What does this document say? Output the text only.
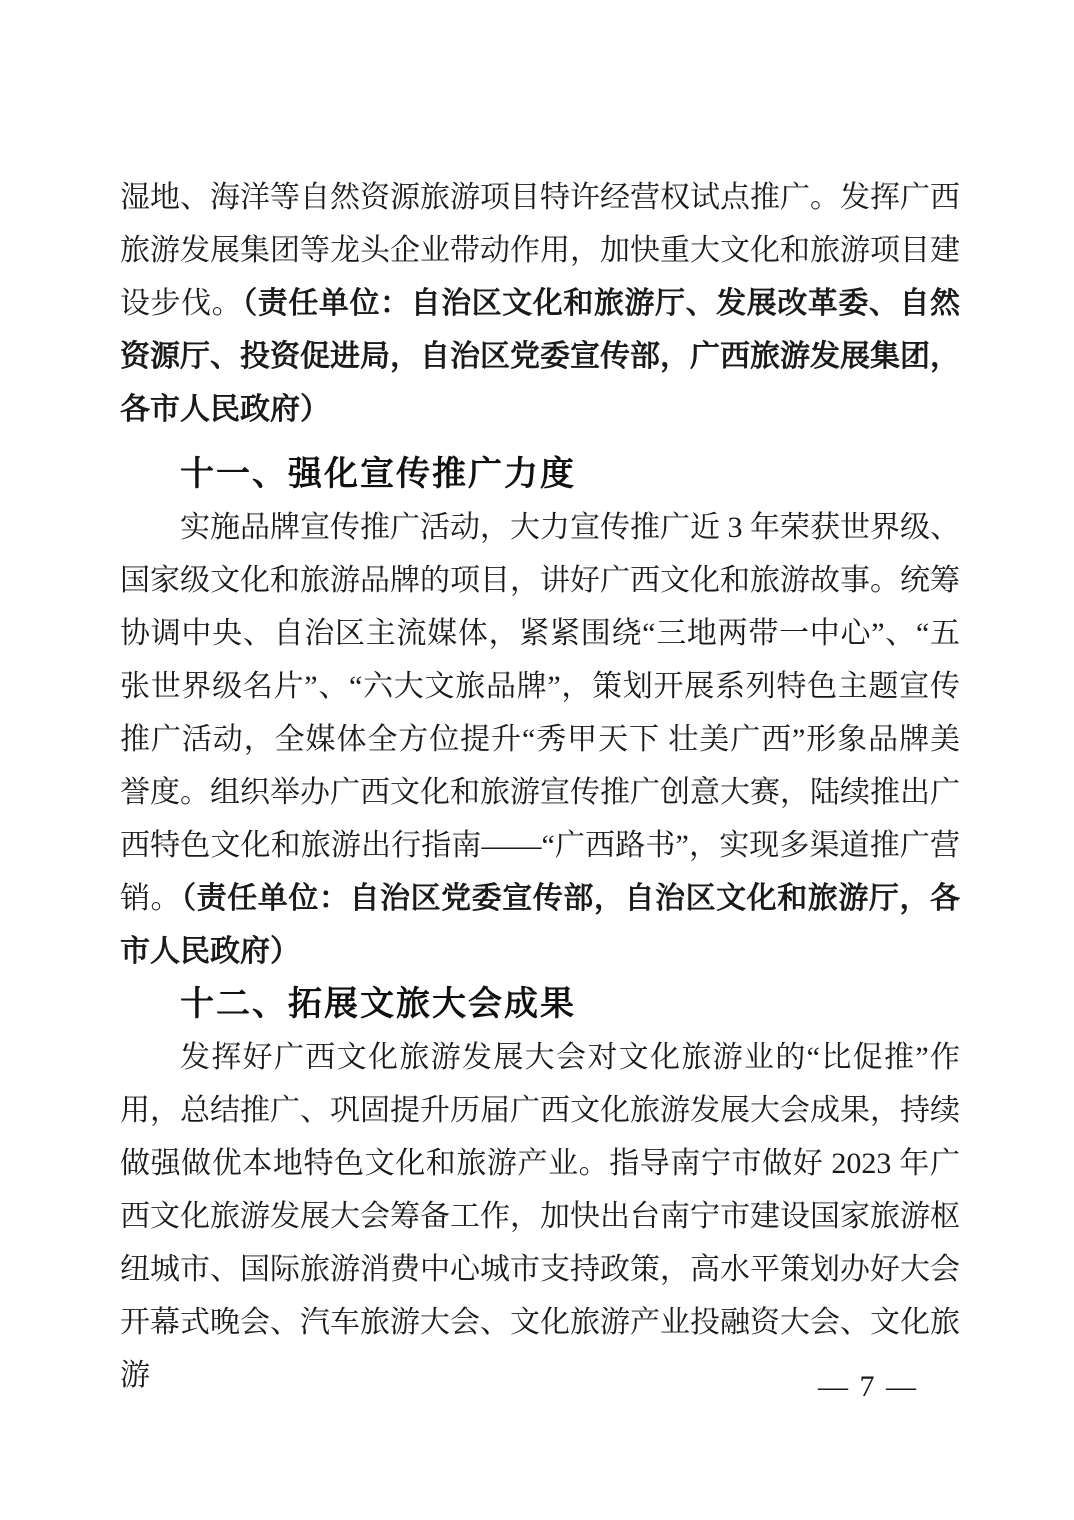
湿地、海洋等自然资源旅游项目特许经营权试点推广。发挥广西旅游发展集团等龙头企业带动作用，加快重大文化和旅游项目建设步伐。（责任单位：自治区文化和旅游厅、发展改革委、自然资源厅、投资促进局，自治区党委宣传部，广西旅游发展集团，各市人民政府）

十一、强化宣传推广力度

实施品牌宣传推广活动，大力宣传推广近 3 年荣获世界级、国家级文化和旅游品牌的项目，讲好广西文化和旅游故事。统筹协调中央、自治区主流媒体，紧紧围绕“三地两带一中心”、“五张世界级名片”、“六大文旅品牌”，策划开展系列特色主题宣传推广活动，全媒体全方位提升“秀甲天下 壮美广西”形象品牌美誉度。组织举办广西文化和旅游宣传推广创意大赛，陆续推出广西特色文化和旅游出行指南——“广西路书”，实现多渠道推广营销。（责任单位：自治区党委宣传部，自治区文化和旅游厅，各市人民政府）

十二、拓展文旅大会成果

发挥好广西文化旅游发展大会对文化旅游业的“比促推”作用，总结推广、巩固提升历届广西文化旅游发展大会成果，持续做强做优本地特色文化和旅游产业。指导南宁市做好 2023 年广西文化旅游发展大会筹备工作，加快出台南宁市建设国家旅游枢纽城市、国际旅游消费中心城市支持政策，高水平策划办好大会开幕式晚会、汽车旅游大会、文化旅游产业投融资大会、文化旅游	— 7 —
